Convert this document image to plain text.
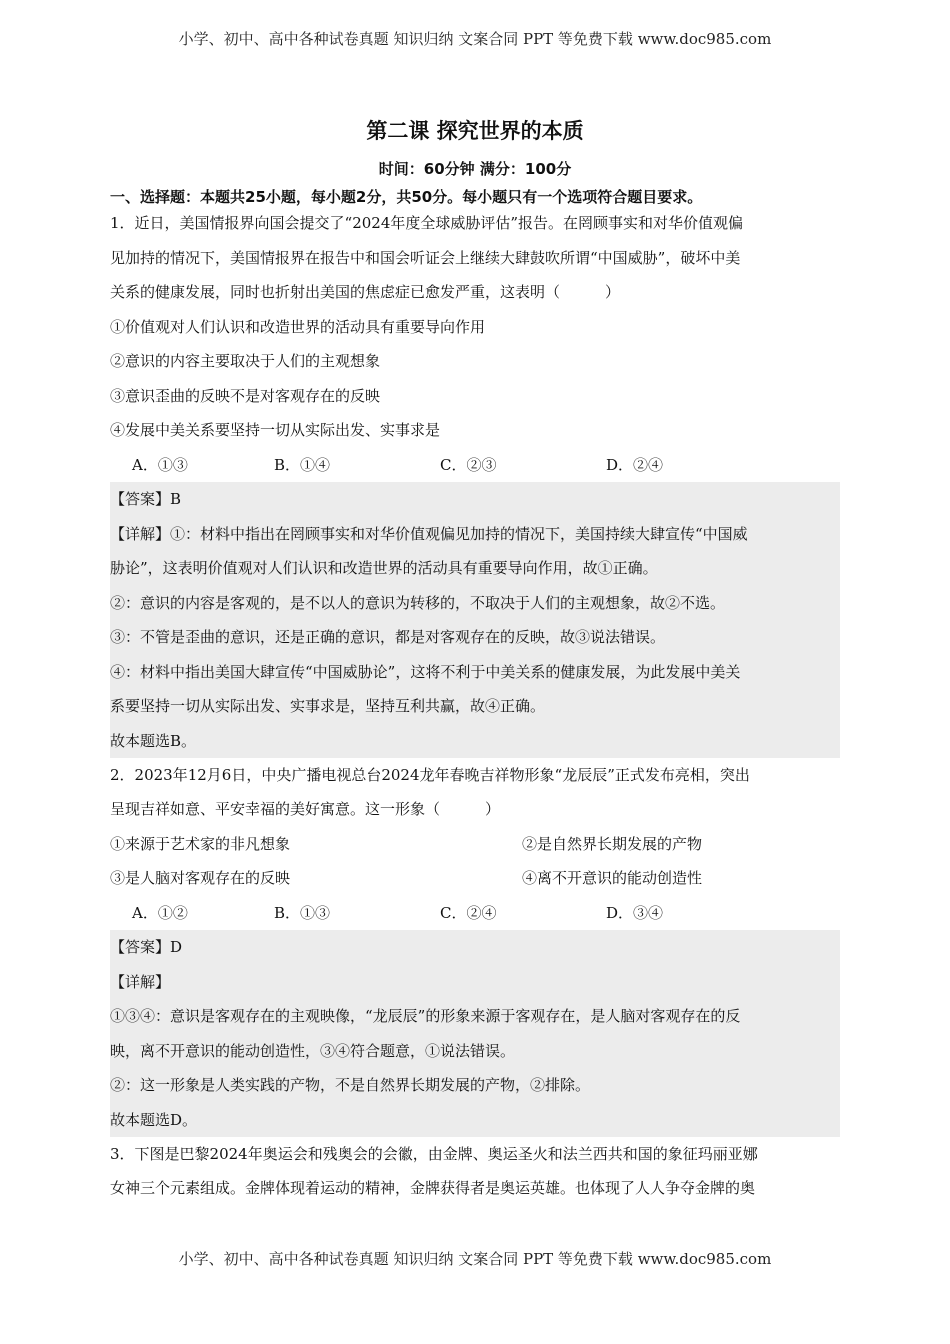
小学、初中、高中各种试卷真题 知识归纳 文案合同 PPT 等免费下载 www.doc985.com
第二课 探究世界的本质
时间：60分钟 满分：100分
一、选择题：本题共25小题，每小题2分，共50分。每小题只有一个选项符合题目要求。
1．近日，美国情报界向国会提交了“2024年度全球威胁评估”报告。在罔顾事实和对华价值观偏
见加持的情况下，美国情报界在报告中和国会听证会上继续大肆鼓吹所谓“中国威胁”，破坏中美
关系的健康发展，同时也折射出美国的焦虑症已愈发严重，这表明（　　　）
①价值观对人们认识和改造世界的活动具有重要导向作用
②意识的内容主要取决于人们的主观想象
③意识歪曲的反映不是对客观存在的反映
④发展中美关系要坚持一切从实际出发、实事求是
A．①③	B．①④	C．②③	D．②④
【答案】B
【详解】①：材料中指出在罔顾事实和对华价值观偏见加持的情况下，美国持续大肆宣传“中国威
胁论”，这表明价值观对人们认识和改造世界的活动具有重要导向作用，故①正确。
②：意识的内容是客观的，是不以人的意识为转移的，不取决于人们的主观想象，故②不选。
③：不管是歪曲的意识，还是正确的意识，都是对客观存在的反映，故③说法错误。
④：材料中指出美国大肆宣传“中国威胁论”，这将不利于中美关系的健康发展，为此发展中美关
系要坚持一切从实际出发、实事求是，坚持互利共赢，故④正确。
故本题选B。
2．2023年12月6日，中央广播电视总台2024龙年春晚吉祥物形象“龙辰辰”正式发布亮相，突出
呈现吉祥如意、平安幸福的美好寓意。这一形象（　　　）
①来源于艺术家的非凡想象	②是自然界长期发展的产物
③是人脑对客观存在的反映	④离不开意识的能动创造性
A．①②	B．①③	C．②④	D．③④
【答案】D
【详解】
①③④：意识是客观存在的主观映像，“龙辰辰”的形象来源于客观存在，是人脑对客观存在的反
映，离不开意识的能动创造性，③④符合题意，①说法错误。
②：这一形象是人类实践的产物，不是自然界长期发展的产物，②排除。
故本题选D。
3．下图是巴黎2024年奥运会和残奥会的会徽，由金牌、奥运圣火和法兰西共和国的象征玛丽亚娜
女神三个元素组成。金牌体现着运动的精神，金牌获得者是奥运英雄。也体现了人人争夺金牌的奥
小学、初中、高中各种试卷真题 知识归纳 文案合同 PPT 等免费下载 www.doc985.com
